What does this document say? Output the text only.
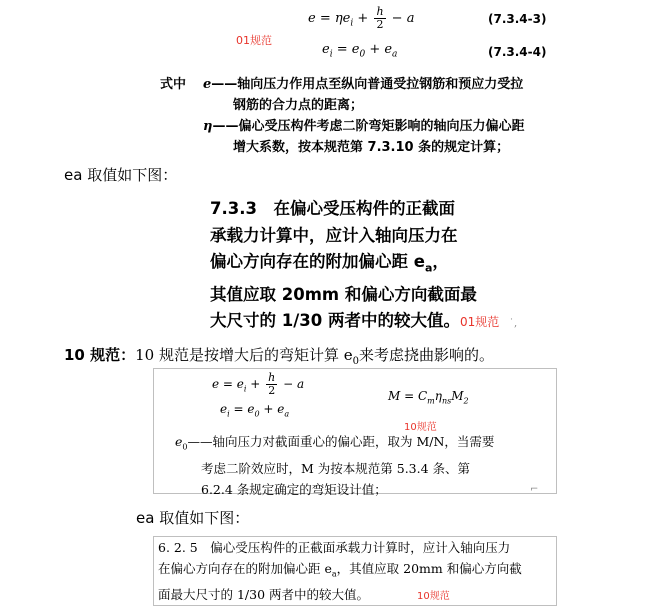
$e = \eta e_i + \frac{h}{2} - a$	(7.3.4-3)
01规范
$e_i = e_0 + e_a$	(7.3.4-4)
式中 e——轴向压力作用点至纵向普通受拉钢筋和预应力受拉
钢筋的合力点的距离；
η——偏心受压构件考虑二阶弯矩影响的轴向压力偏心距
增大系数，按本规范第 7.3.10 条的规定计算；
ea 取值如下图：
7.3.3　在偏心受压构件的正截面
承载力计算中，应计入轴向压力在
偏心方向存在的附加偏心距 $e_a$，
其值应取 20mm 和偏心方向截面最
大尺寸的 1/30 两者中的较大值。01规范
10 规范：10 规范是按增大后的弯矩计算 $e_0$来考虑挠曲影响的。
$e = e_i + \frac{h}{2} - a$
$e_i = e_0 + e_a$
$M = C_m\eta_{ns}M_2$
10规范
$e_0——$轴向压力对截面重心的偏心距，取为 M/N，当需要
考虑二阶效应时，M 为按本规范第 5.3.4 条、第
6.2.4 条规定确定的弯矩设计值；
ea 取值如下图：
6. 2. 5　偏心受压构件的正截面承载力计算时，应计入轴向压力
在偏心方向存在的附加偏心距 $e_a$，其值应取 20mm 和偏心方向截
面最大尺寸的 1/30 两者中的较大值。	10规范
˙,
⌐
